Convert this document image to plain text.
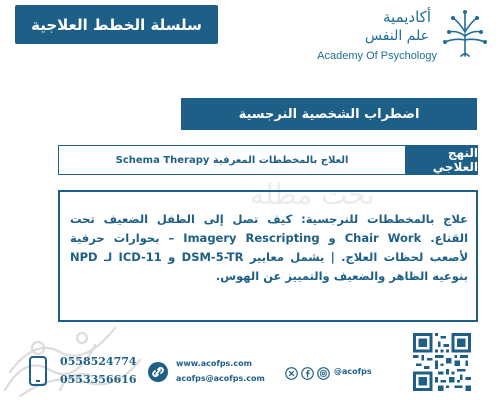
سلسلة الخطط العلاجية	أكاديمية
علم النفس
Academy Of Psychology
اضطراب الشخصية النرجسية
النهج العلاجي
العلاج بالمخططات المعرفية Schema Therapy
تحت مظلة
علاج بالمخططات للنرجسية: كيف تصل إلى الطفل الضعيف تحت القناع. Chair Work و Imagery Rescripting – بحوارات حرفية لأصعب لحظات العلاج. | يشمل معايير DSM-5-TR و ICD-11 لـ NPD بنوعيه الظاهر والضعيف والتمييز عن الهوس.
0558524774
0553356616
www.acofps.com
acofps@acofps.com
@acofps
